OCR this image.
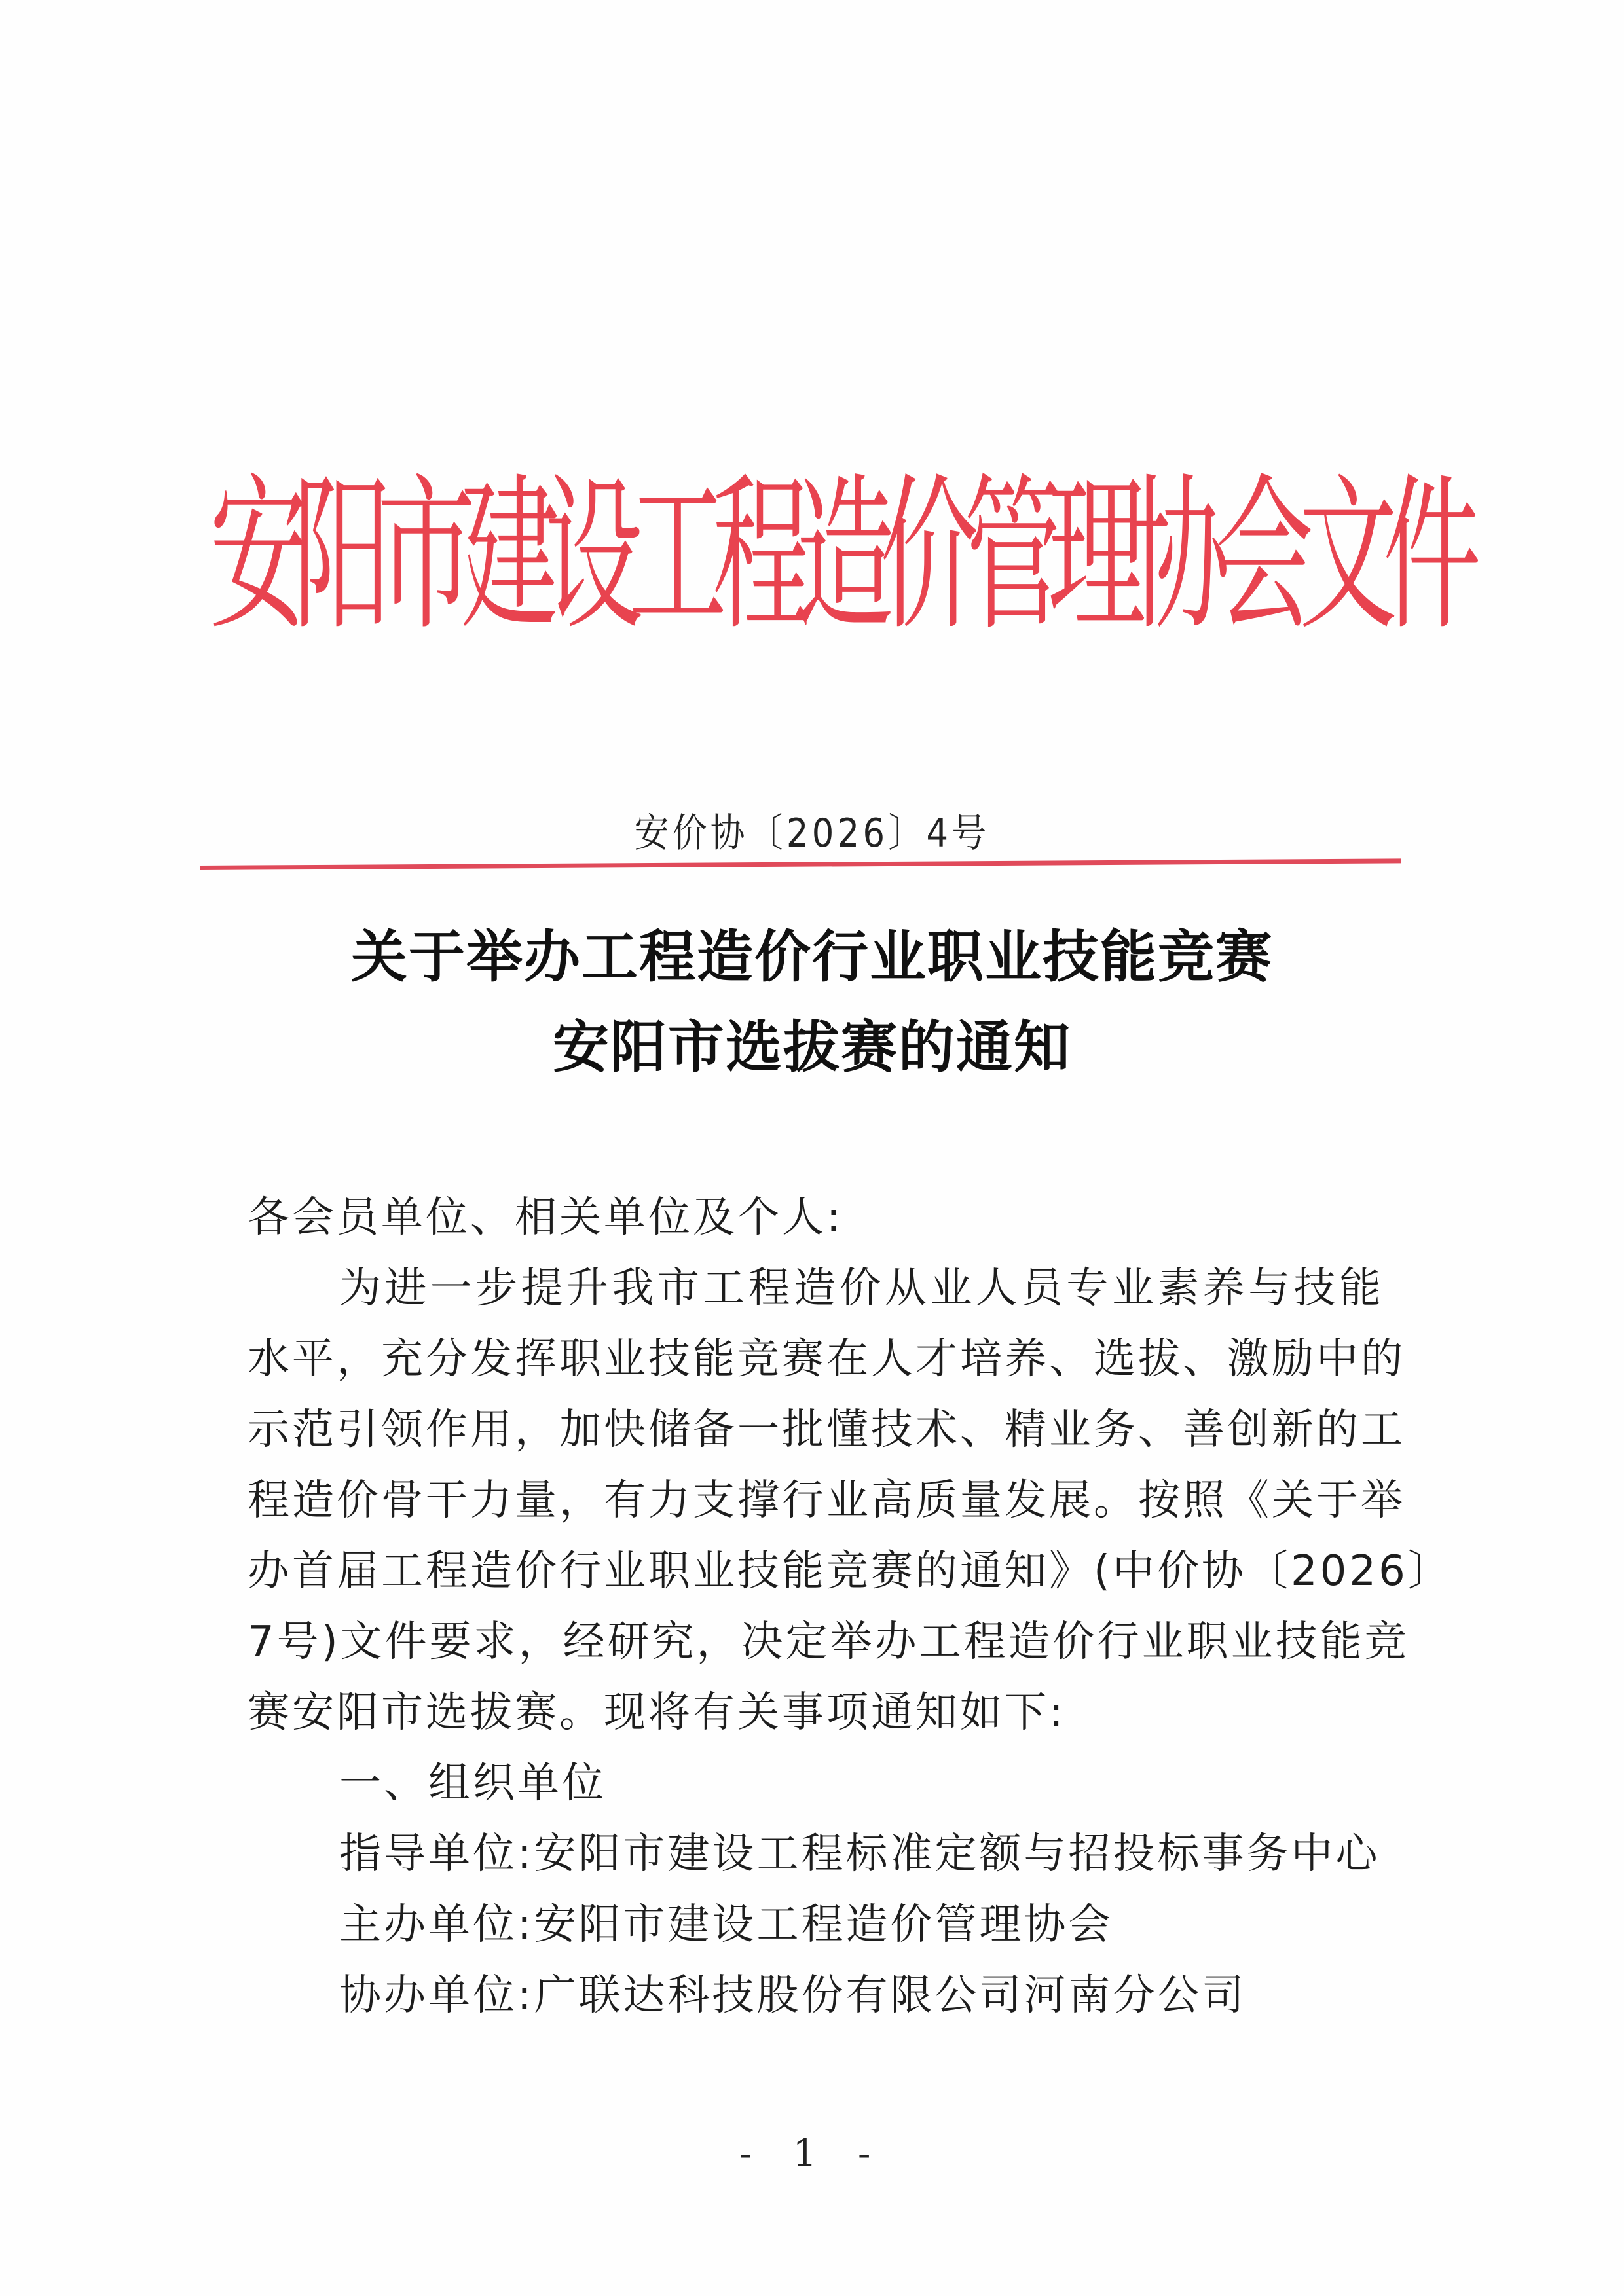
安
阳
市
建
设
工
程
造
价
管
理
协
会
文
件
安价协〔2026〕4号
关于举办工程造价行业职业技能竞赛
安阳市选拔赛的通知
各会员单位、相关单位及个人:
为进一步提升我市工程造价从业人员专业素养与技能
水平，充分发挥职业技能竞赛在人才培养、选拔、激励中的
示范引领作用，加快储备一批懂技术、精业务、善创新的工
程造价骨干力量，有力支撑行业高质量发展。按照《关于举
办首届工程造价行业职业技能竞赛的通知》(中价协〔2026〕
7号)文件要求，经研究，决定举办工程造价行业职业技能竞
赛安阳市选拔赛。现将有关事项通知如下:
一、组织单位
指导单位:安阳市建设工程标准定额与招投标事务中心
主办单位:安阳市建设工程造价管理协会
协办单位:广联达科技股份有限公司河南分公司
- 1 -
